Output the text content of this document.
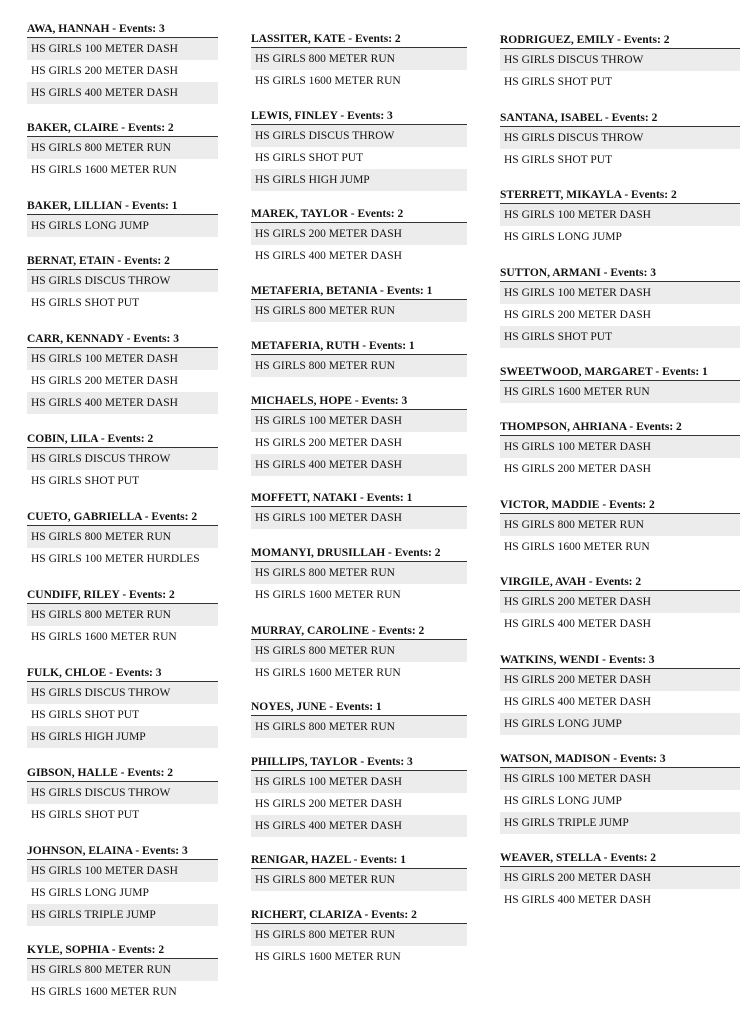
AWA, HANNAH - Events: 3
HS GIRLS 100 METER DASH
HS GIRLS 200 METER DASH
HS GIRLS 400 METER DASH
BAKER, CLAIRE - Events: 2
HS GIRLS 800 METER RUN
HS GIRLS 1600 METER RUN
BAKER, LILLIAN - Events: 1
HS GIRLS LONG JUMP
BERNAT, ETAIN - Events: 2
HS GIRLS DISCUS THROW
HS GIRLS SHOT PUT
CARR, KENNADY - Events: 3
HS GIRLS 100 METER DASH
HS GIRLS 200 METER DASH
HS GIRLS 400 METER DASH
COBIN, LILA - Events: 2
HS GIRLS DISCUS THROW
HS GIRLS SHOT PUT
CUETO, GABRIELLA - Events: 2
HS GIRLS 800 METER RUN
HS GIRLS 100 METER HURDLES
CUNDIFF, RILEY - Events: 2
HS GIRLS 800 METER RUN
HS GIRLS 1600 METER RUN
FULK, CHLOE - Events: 3
HS GIRLS DISCUS THROW
HS GIRLS SHOT PUT
HS GIRLS HIGH JUMP
GIBSON, HALLE - Events: 2
HS GIRLS DISCUS THROW
HS GIRLS SHOT PUT
JOHNSON, ELAINA - Events: 3
HS GIRLS 100 METER DASH
HS GIRLS LONG JUMP
HS GIRLS TRIPLE JUMP
KYLE, SOPHIA - Events: 2
HS GIRLS 800 METER RUN
HS GIRLS 1600 METER RUN
LASSITER, KATE - Events: 2
HS GIRLS 800 METER RUN
HS GIRLS 1600 METER RUN
LEWIS, FINLEY - Events: 3
HS GIRLS DISCUS THROW
HS GIRLS SHOT PUT
HS GIRLS HIGH JUMP
MAREK, TAYLOR - Events: 2
HS GIRLS 200 METER DASH
HS GIRLS 400 METER DASH
METAFERIA, BETANIA - Events: 1
HS GIRLS 800 METER RUN
METAFERIA, RUTH - Events: 1
HS GIRLS 800 METER RUN
MICHAELS, HOPE - Events: 3
HS GIRLS 100 METER DASH
HS GIRLS 200 METER DASH
HS GIRLS 400 METER DASH
MOFFETT, NATAKI - Events: 1
HS GIRLS 100 METER DASH
MOMANYI, DRUSILLAH - Events: 2
HS GIRLS 800 METER RUN
HS GIRLS 1600 METER RUN
MURRAY, CAROLINE - Events: 2
HS GIRLS 800 METER RUN
HS GIRLS 1600 METER RUN
NOYES, JUNE - Events: 1
HS GIRLS 800 METER RUN
PHILLIPS, TAYLOR - Events: 3
HS GIRLS 100 METER DASH
HS GIRLS 200 METER DASH
HS GIRLS 400 METER DASH
RENIGAR, HAZEL - Events: 1
HS GIRLS 800 METER RUN
RICHERT, CLARIZA - Events: 2
HS GIRLS 800 METER RUN
HS GIRLS 1600 METER RUN
RODRIGUEZ, EMILY - Events: 2
HS GIRLS DISCUS THROW
HS GIRLS SHOT PUT
SANTANA, ISABEL - Events: 2
HS GIRLS DISCUS THROW
HS GIRLS SHOT PUT
STERRETT, MIKAYLA - Events: 2
HS GIRLS 100 METER DASH
HS GIRLS LONG JUMP
SUTTON, ARMANI - Events: 3
HS GIRLS 100 METER DASH
HS GIRLS 200 METER DASH
HS GIRLS SHOT PUT
SWEETWOOD, MARGARET - Events: 1
HS GIRLS 1600 METER RUN
THOMPSON, AHRIANA - Events: 2
HS GIRLS 100 METER DASH
HS GIRLS 200 METER DASH
VICTOR, MADDIE - Events: 2
HS GIRLS 800 METER RUN
HS GIRLS 1600 METER RUN
VIRGILE, AVAH - Events: 2
HS GIRLS 200 METER DASH
HS GIRLS 400 METER DASH
WATKINS, WENDI - Events: 3
HS GIRLS 200 METER DASH
HS GIRLS 400 METER DASH
HS GIRLS LONG JUMP
WATSON, MADISON - Events: 3
HS GIRLS 100 METER DASH
HS GIRLS LONG JUMP
HS GIRLS TRIPLE JUMP
WEAVER, STELLA - Events: 2
HS GIRLS 200 METER DASH
HS GIRLS 400 METER DASH
